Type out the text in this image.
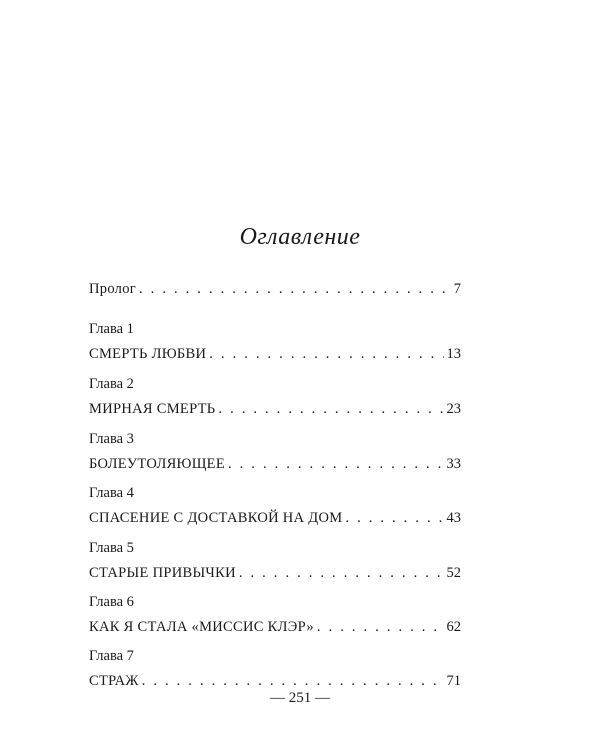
Оглавление
Пролог . . .	7
Глава 1
СМЕРТЬ ЛЮБВИ . . .	13
Глава 2
МИРНАЯ СМЕРТЬ . . .	23
Глава 3
БОЛЕУТОЛЯЮЩЕЕ . . .	33
Глава 4
СПАСЕНИЕ С ДОСТАВКОЙ НА ДОМ . . .	43
Глава 5
СТАРЫЕ ПРИВЫЧКИ . . .	52
Глава 6
КАК Я СТАЛА «МИССИС КЛЭР» . . .	62
Глава 7
СТРАЖ . . .	71
— 251 —
